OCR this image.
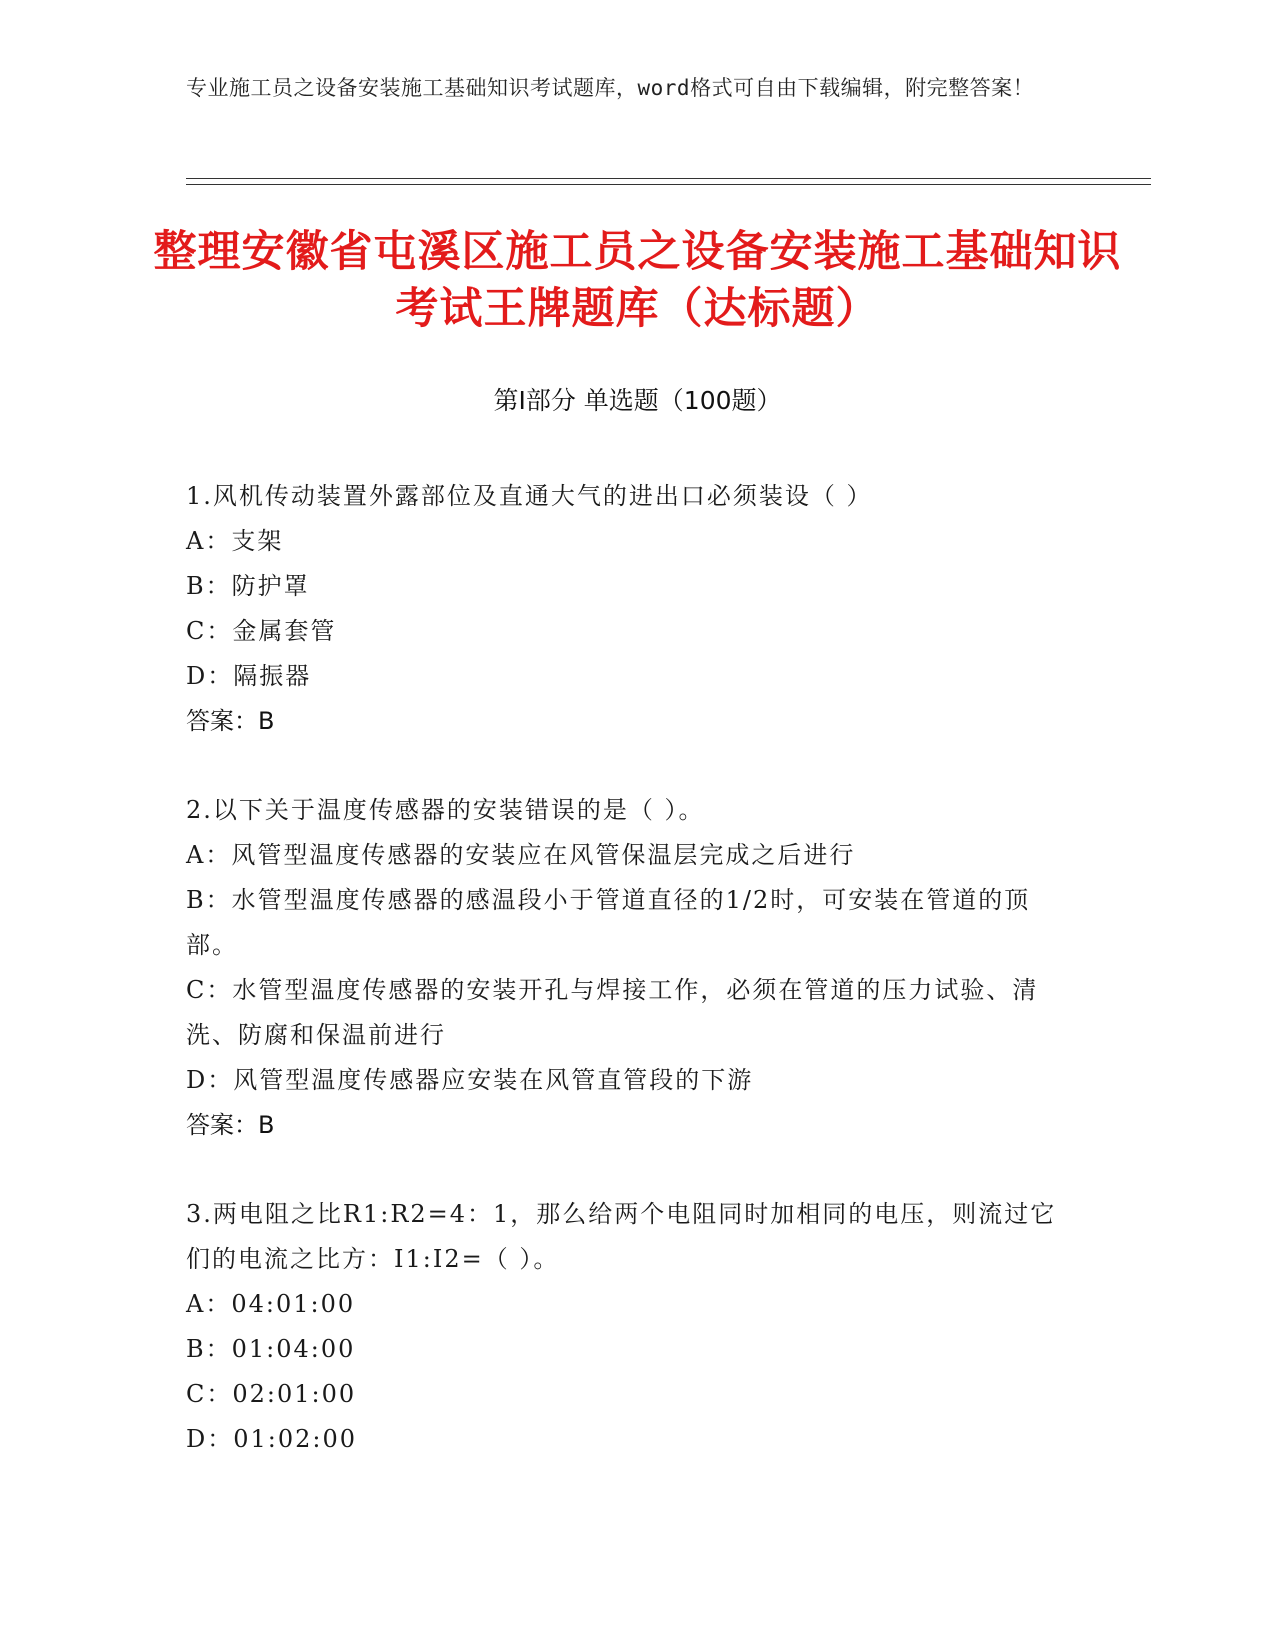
专业施工员之设备安装施工基础知识考试题库，word格式可自由下载编辑，附完整答案！
整理安徽省屯溪区施工员之设备安装施工基础知识考试王牌题库（达标题）
第I部分 单选题（100题）
1.风机传动装置外露部位及直通大气的进出口必须装设（ ）
A：支架
B：防护罩
C：金属套管
D：隔振器
答案：B
2.以下关于温度传感器的安装错误的是（ ）。
A：风管型温度传感器的安装应在风管保温层完成之后进行
B：水管型温度传感器的感温段小于管道直径的1/2时，可安装在管道的顶部。
C：水管型温度传感器的安装开孔与焊接工作，必须在管道的压力试验、清洗、防腐和保温前进行
D：风管型温度传感器应安装在风管直管段的下游
答案：B
3.两电阻之比R1:R2=4：1，那么给两个电阻同时加相同的电压，则流过它们的电流之比方：I1:I2=（ ）。
A：04:01:00
B：01:04:00
C：02:01:00
D：01:02:00
